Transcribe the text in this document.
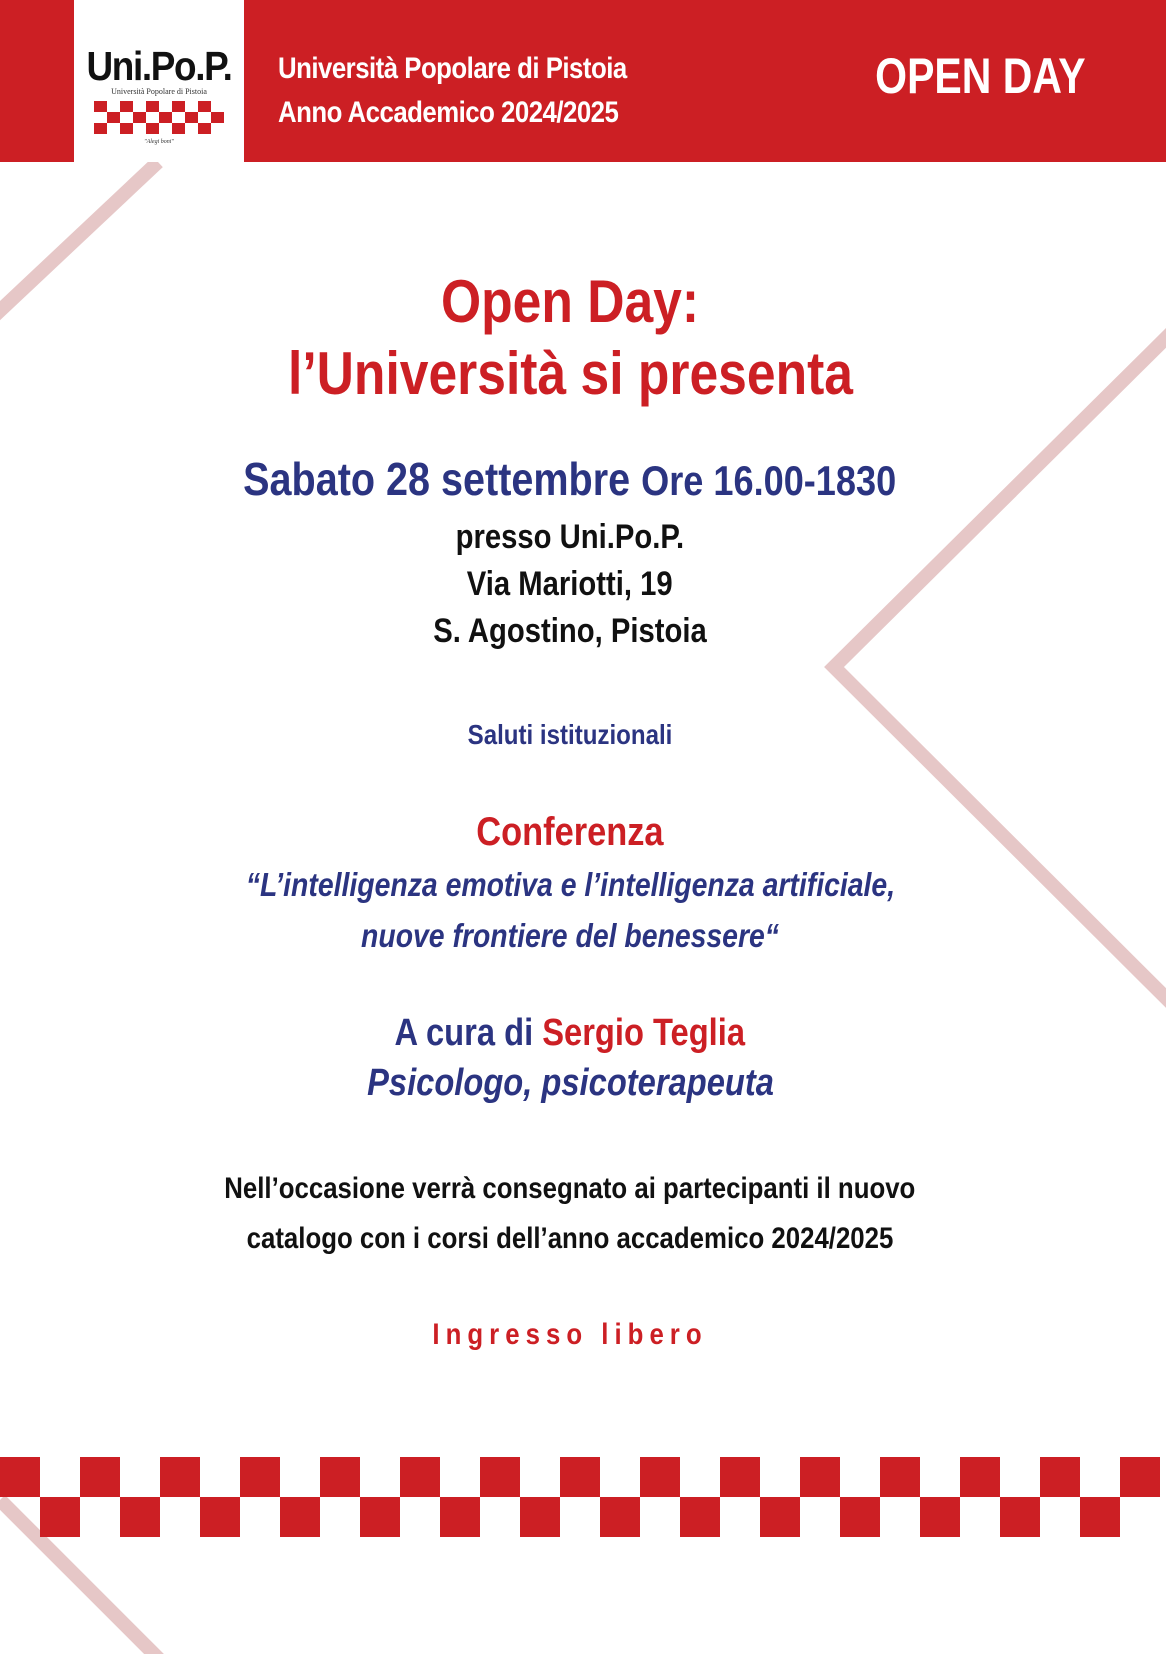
Uni.Po.P.
Università Popolare di Pistoia
"Alegi boni"
Università Popolare di Pistoia
Anno Accademico 2024/2025
OPEN DAY
Open Day:
l’Università si presenta
Sabato 28 settembre Ore 16.00-1830
presso Uni.Po.P.
Via Mariotti, 19
S. Agostino, Pistoia
Saluti istituzionali
Conferenza
“L’intelligenza emotiva e l’intelligenza artificiale,
nuove frontiere del benessere“
A cura di Sergio Teglia
Psicologo, psicoterapeuta
Nell’occasione verrà consegnato ai partecipanti il nuovo
catalogo con i corsi dell’anno accademico 2024/2025
Ingresso libero
